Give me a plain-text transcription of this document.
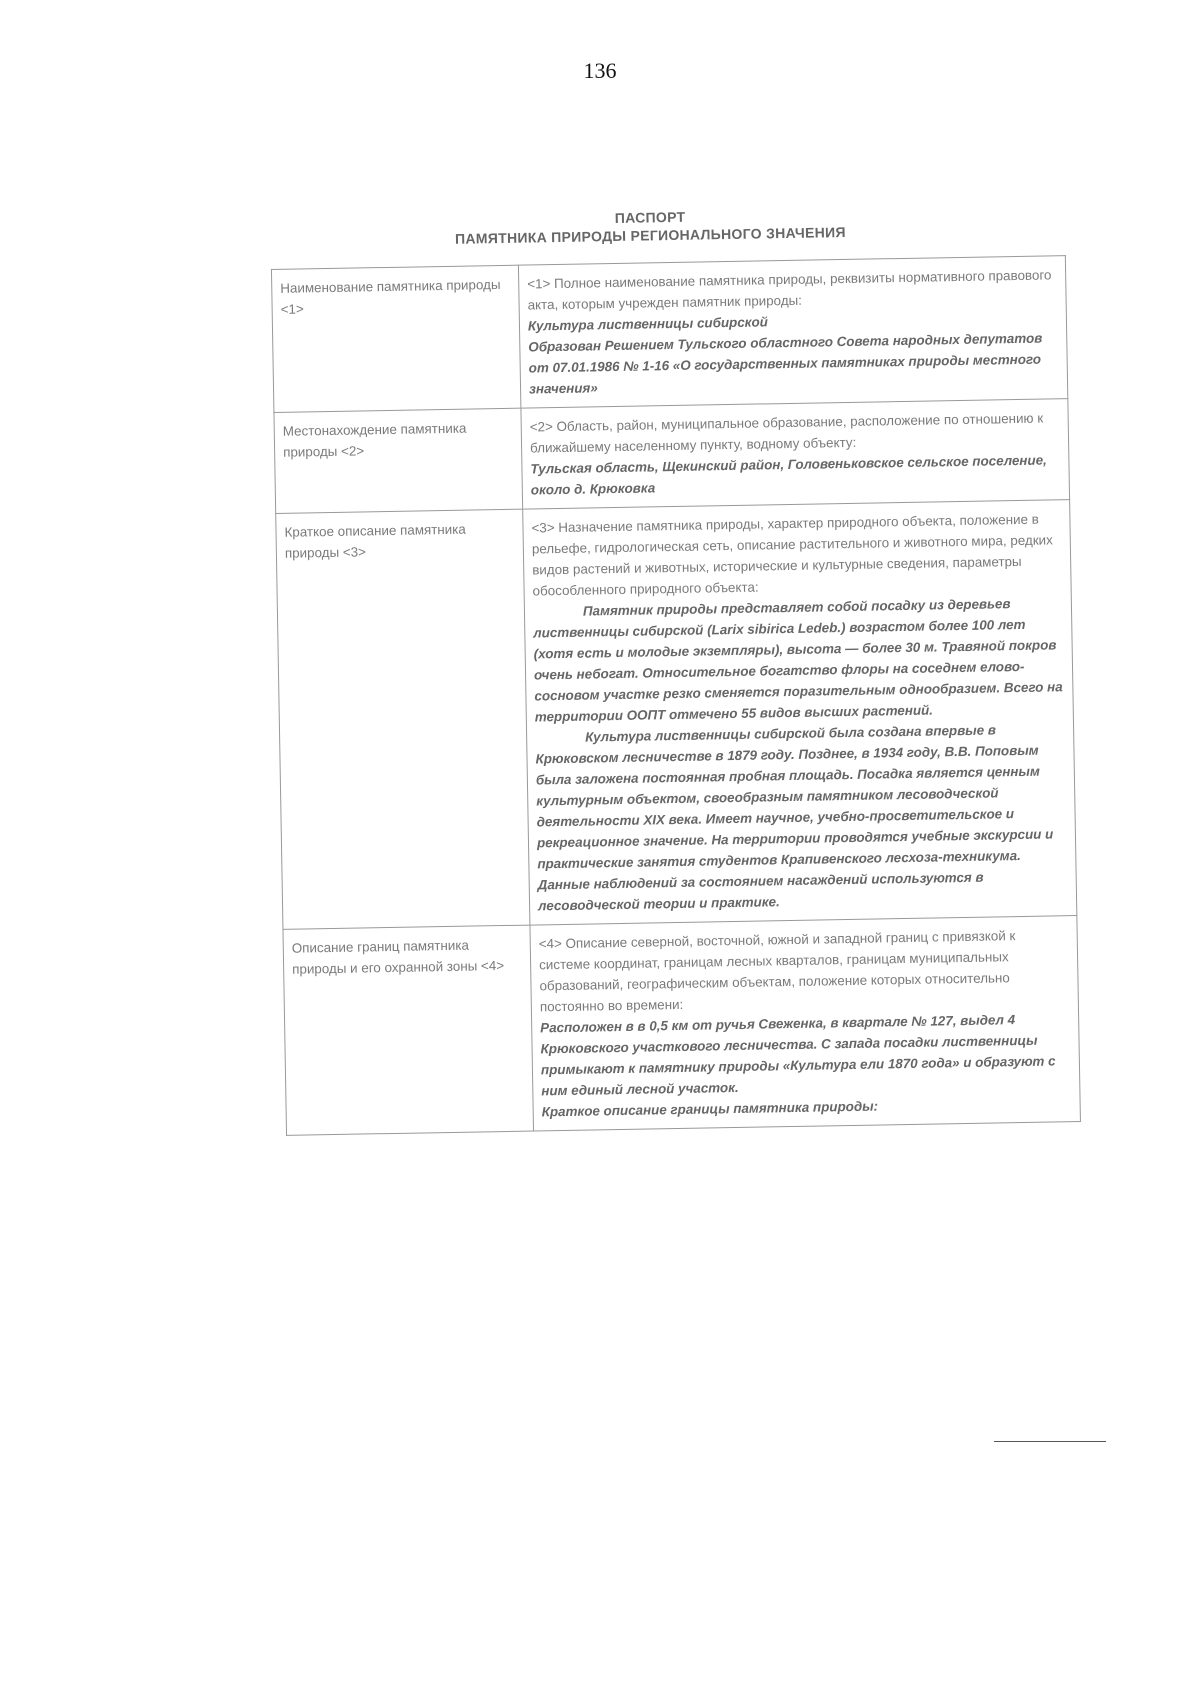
136
ПАСПОРТ
ПАМЯТНИКА ПРИРОДЫ РЕГИОНАЛЬНОГО ЗНАЧЕНИЯ
Наименование памятника природы <1>	<1> Полное наименование памятника природы, реквизиты нормативного правового акта, которым учрежден памятник природы:
Культура лиственницы сибирской
Образован Решением Тульского областного Совета народных депутатов от 07.01.1986 № 1-16 «О государственных памятниках природы местного значения»

Местонахождение памятника природы <2>	<2> Область, район, муниципальное образование, расположение по отношению к ближайшему населенному пункту, водному объекту:
Тульская область, Щекинский район, Головеньковское сельское поселение, около д. Крюковка

Краткое описание памятника природы <3>	<3> Назначение памятника природы, характер природного объекта, положение в рельефе, гидрологическая сеть, описание растительного и животного мира, редких видов растений и животных, исторические и культурные сведения, параметры обособленного природного объекта:
Памятник природы представляет собой посадку из деревьев лиственницы сибирской (Larix sibirica Ledeb.) возрастом более 100 лет (хотя есть и молодые экземпляры), высота — более 30 м. Травяной покров очень небогат. Относительное богатство флоры на соседнем елово-сосновом участке резко сменяется поразительным однообразием. Всего на территории ООПТ отмечено 55 видов высших растений.
Культура лиственницы сибирской была создана впервые в Крюковском лесничестве в 1879 году. Позднее, в 1934 году, В.В. Поповым была заложена постоянная пробная площадь. Посадка является ценным культурным объектом, своеобразным памятником лесоводческой деятельности XIX века. Имеет научное, учебно-просветительское и рекреационное значение. На территории проводятся учебные экскурсии и практические занятия студентов Крапивенского лесхоза-техникума. Данные наблюдений за состоянием насаждений используются в лесоводческой теории и практике.

Описание границ памятника природы и его охранной зоны <4>	<4> Описание северной, восточной, южной и западной границ с привязкой к системе координат, границам лесных кварталов, границам муниципальных образований, географическим объектам, положение которых относительно постоянно во времени:
Расположен в в 0,5 км от ручья Свеженка, в квартале № 127, выдел 4 Крюковского участкового лесничества. С запада посадки лиственницы примыкают к памятнику природы «Культура ели 1870 года» и образуют с ним единый лесной участок.
Краткое описание границы памятника природы:
